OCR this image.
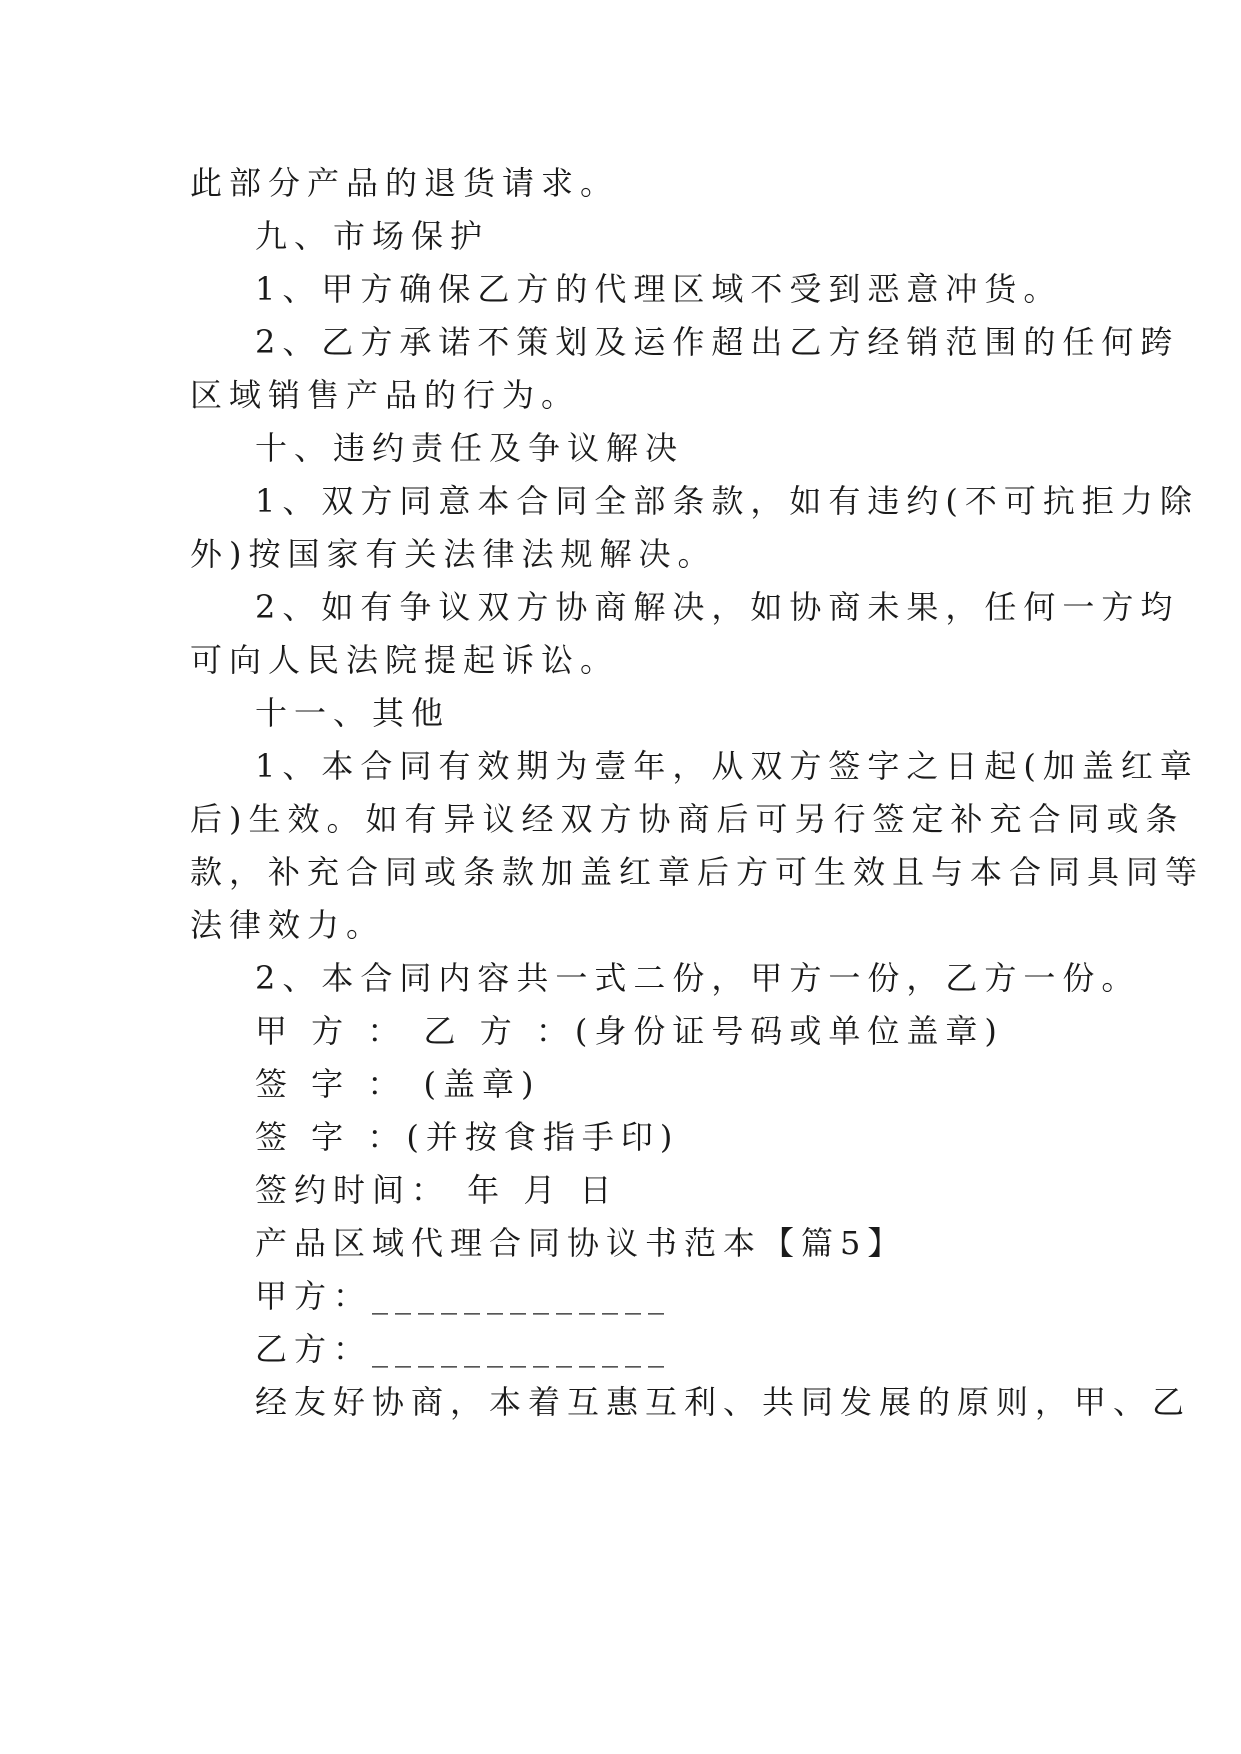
此部分产品的退货请求。
九、市场保护
1、甲方确保乙方的代理区域不受到恶意冲货。
2、乙方承诺不策划及运作超出乙方经销范围的任何跨
区域销售产品的行为。
十、违约责任及争议解决
1、双方同意本合同全部条款，如有违约(不可抗拒力除
外)按国家有关法律法规解决。
2、如有争议双方协商解决，如协商未果，任何一方均
可向人民法院提起诉讼。
十一、其他
1、本合同有效期为壹年，从双方签字之日起(加盖红章
后)生效。如有异议经双方协商后可另行签定补充合同或条
款，补充合同或条款加盖红章后方可生效且与本合同具同等
法律效力。
2、本合同内容共一式二份，甲方一份，乙方一份。
甲 方 ： 乙 方 ：(身份证号码或单位盖章)
签 字 ： (盖章)
签 字 ：(并按食指手印)
签约时间： 年 月 日
产品区域代理合同协议书范本【篇5】
甲方：_____________
乙方：_____________
经友好协商，本着互惠互利、共同发展的原则，甲、乙
